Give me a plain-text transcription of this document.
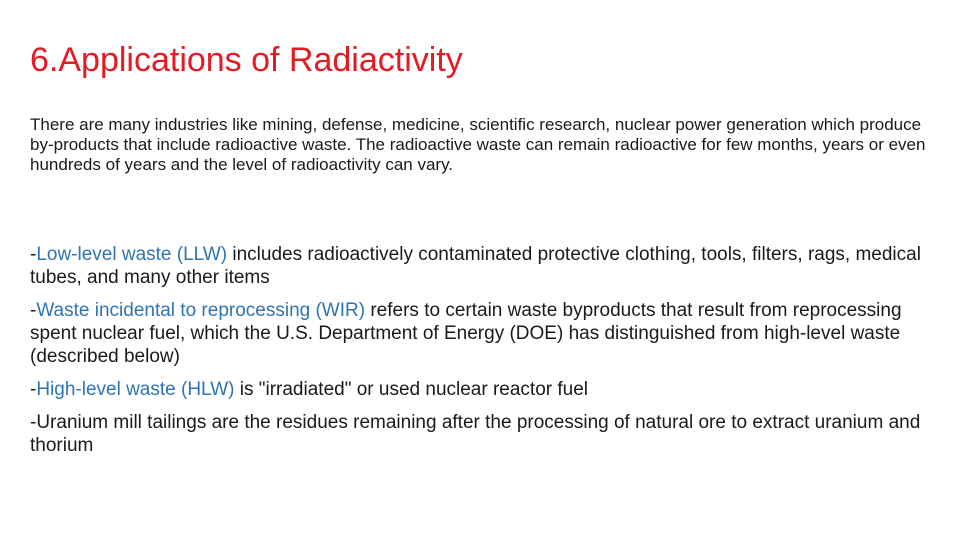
6.Applications of Radiactivity

There are many industries like mining, defense, medicine, scientific research, nuclear power generation which produce by-products that include radioactive waste. The radioactive waste can remain radioactive for few months, years or even hundreds of years and the level of radioactivity can vary.

-Low-level waste (LLW) includes radioactively contaminated protective clothing, tools, filters, rags, medical tubes, and many other items
-Waste incidental to reprocessing (WIR) refers to certain waste byproducts that result from reprocessing spent nuclear fuel, which the U.S. Department of Energy (DOE) has distinguished from high-level waste (described below)
-High-level waste (HLW) is "irradiated" or used nuclear reactor fuel
-Uranium mill tailings are the residues remaining after the processing of natural ore to extract uranium and thorium
